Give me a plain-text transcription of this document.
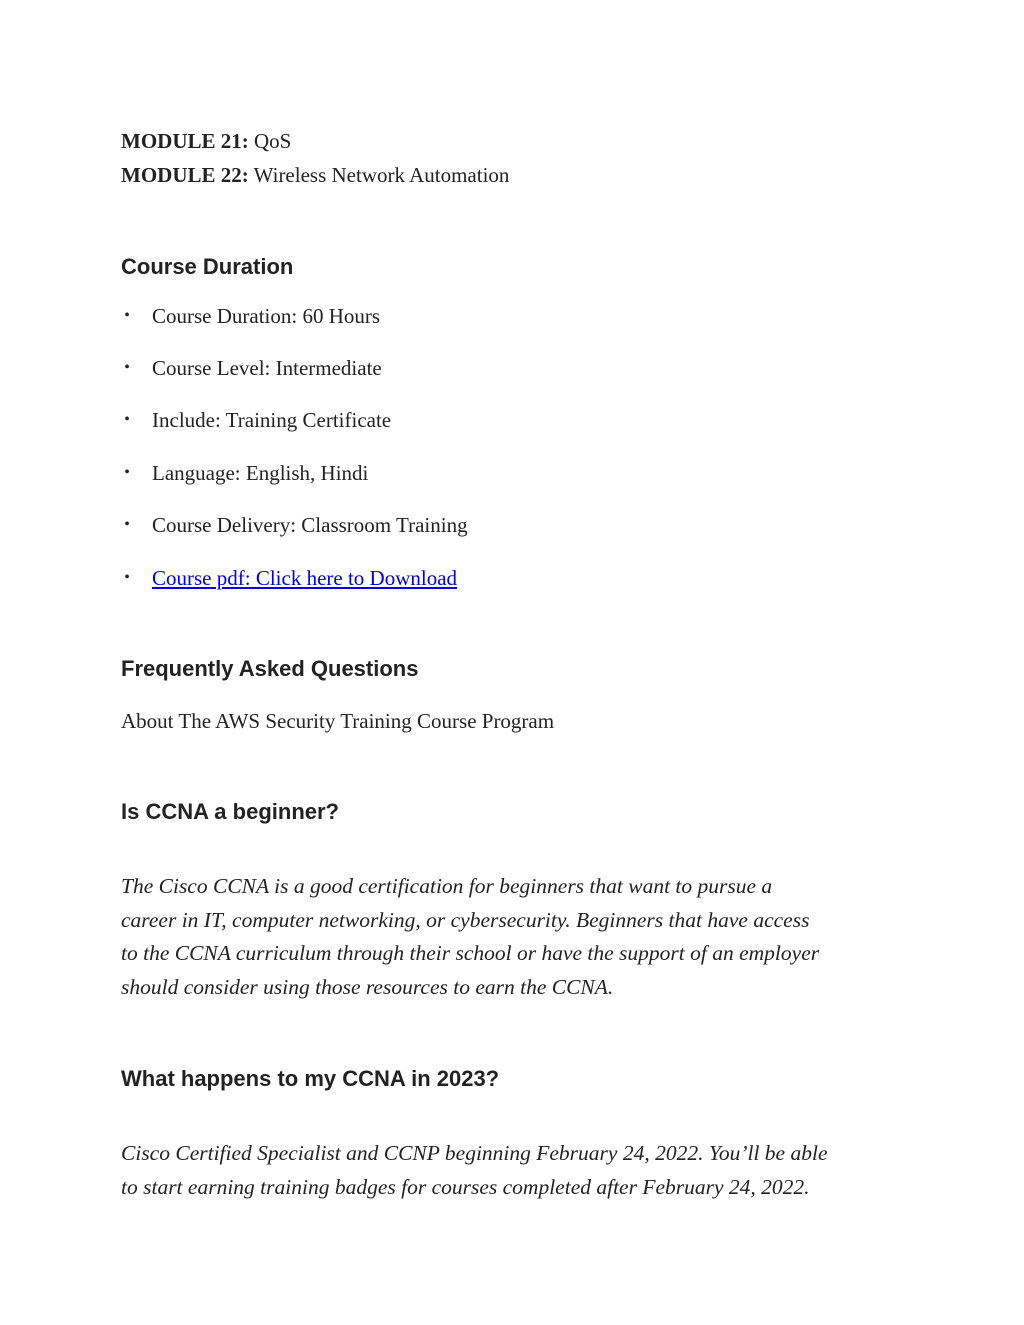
MODULE 21: QoS
MODULE 22: Wireless Network Automation
Course Duration
• Course Duration: 60 Hours
• Course Level: Intermediate
• Include: Training Certificate
• Language: English, Hindi
• Course Delivery: Classroom Training
• Course pdf: Click here to Download
Frequently Asked Questions
About The AWS Security Training Course Program
Is CCNA a beginner?
The Cisco CCNA is a good certification for beginners that want to pursue a
career in IT, computer networking, or cybersecurity. Beginners that have access
to the CCNA curriculum through their school or have the support of an employer
should consider using those resources to earn the CCNA.
What happens to my CCNA in 2023?
Cisco Certified Specialist and CCNP beginning February 24, 2022. You’ll be able
to start earning training badges for courses completed after February 24, 2022.
